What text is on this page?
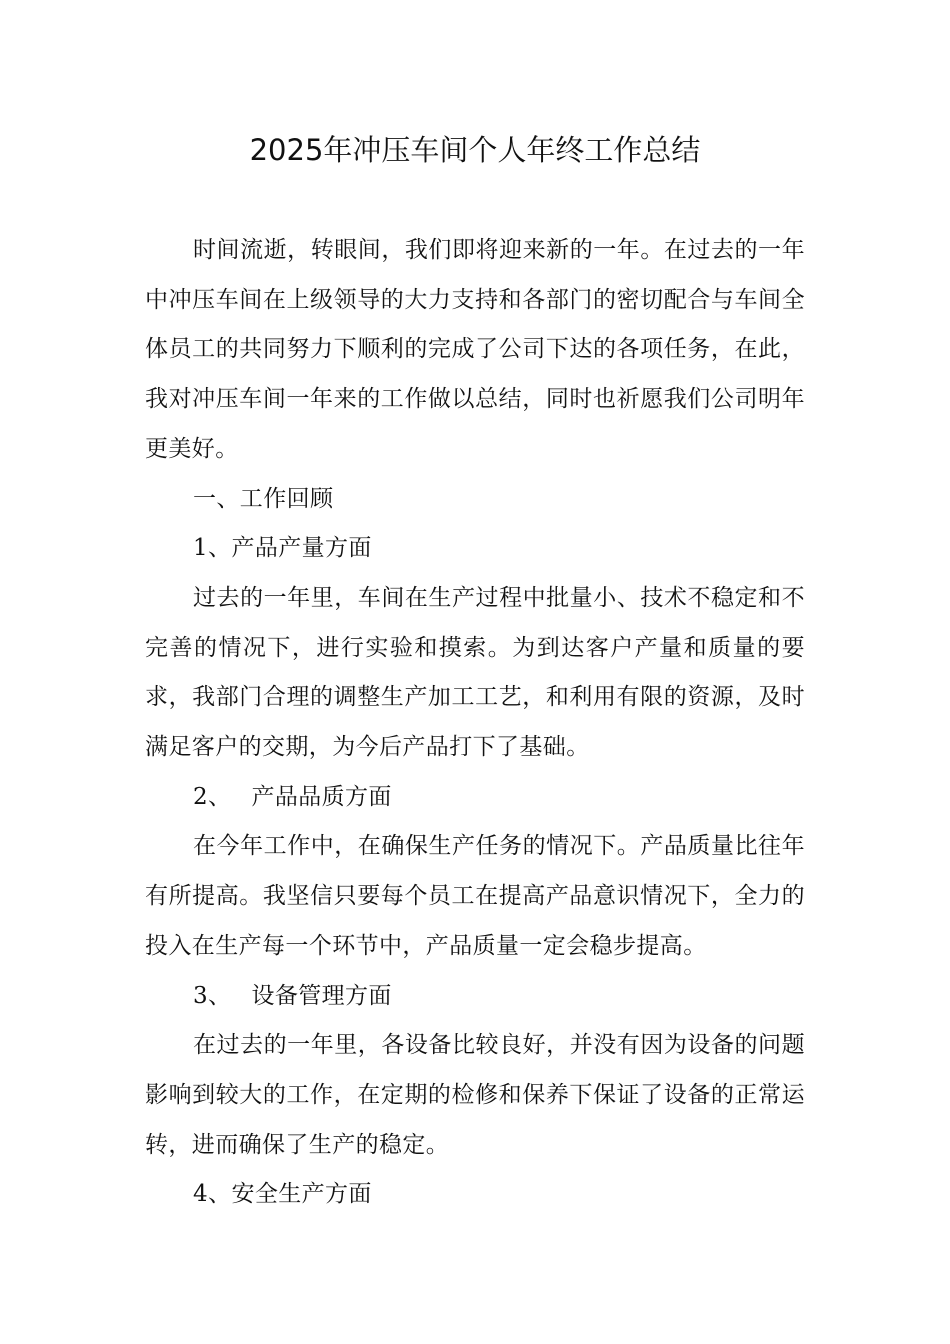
2025年冲压车间个人年终工作总结

时间流逝，转眼间，我们即将迎来新的一年。在过去的一年中冲压车间在上级领导的大力支持和各部门的密切配合与车间全体员工的共同努力下顺利的完成了公司下达的各项任务，在此，我对冲压车间一年来的工作做以总结，同时也祈愿我们公司明年更美好。

一、工作回顾

1、产品产量方面

过去的一年里，车间在生产过程中批量小、技术不稳定和不完善的情况下，进行实验和摸索。为到达客户产量和质量的要求，我部门合理的调整生产加工工艺，和利用有限的资源，及时满足客户的交期，为今后产品打下了基础。

2、 产品品质方面

在今年工作中，在确保生产任务的情况下。产品质量比往年有所提高。我坚信只要每个员工在提高产品意识情况下，全力的投入在生产每一个环节中，产品质量一定会稳步提高。

3、 设备管理方面

在过去的一年里，各设备比较良好，并没有因为设备的问题影响到较大的工作，在定期的检修和保养下保证了设备的正常运转，进而确保了生产的稳定。

4、安全生产方面
